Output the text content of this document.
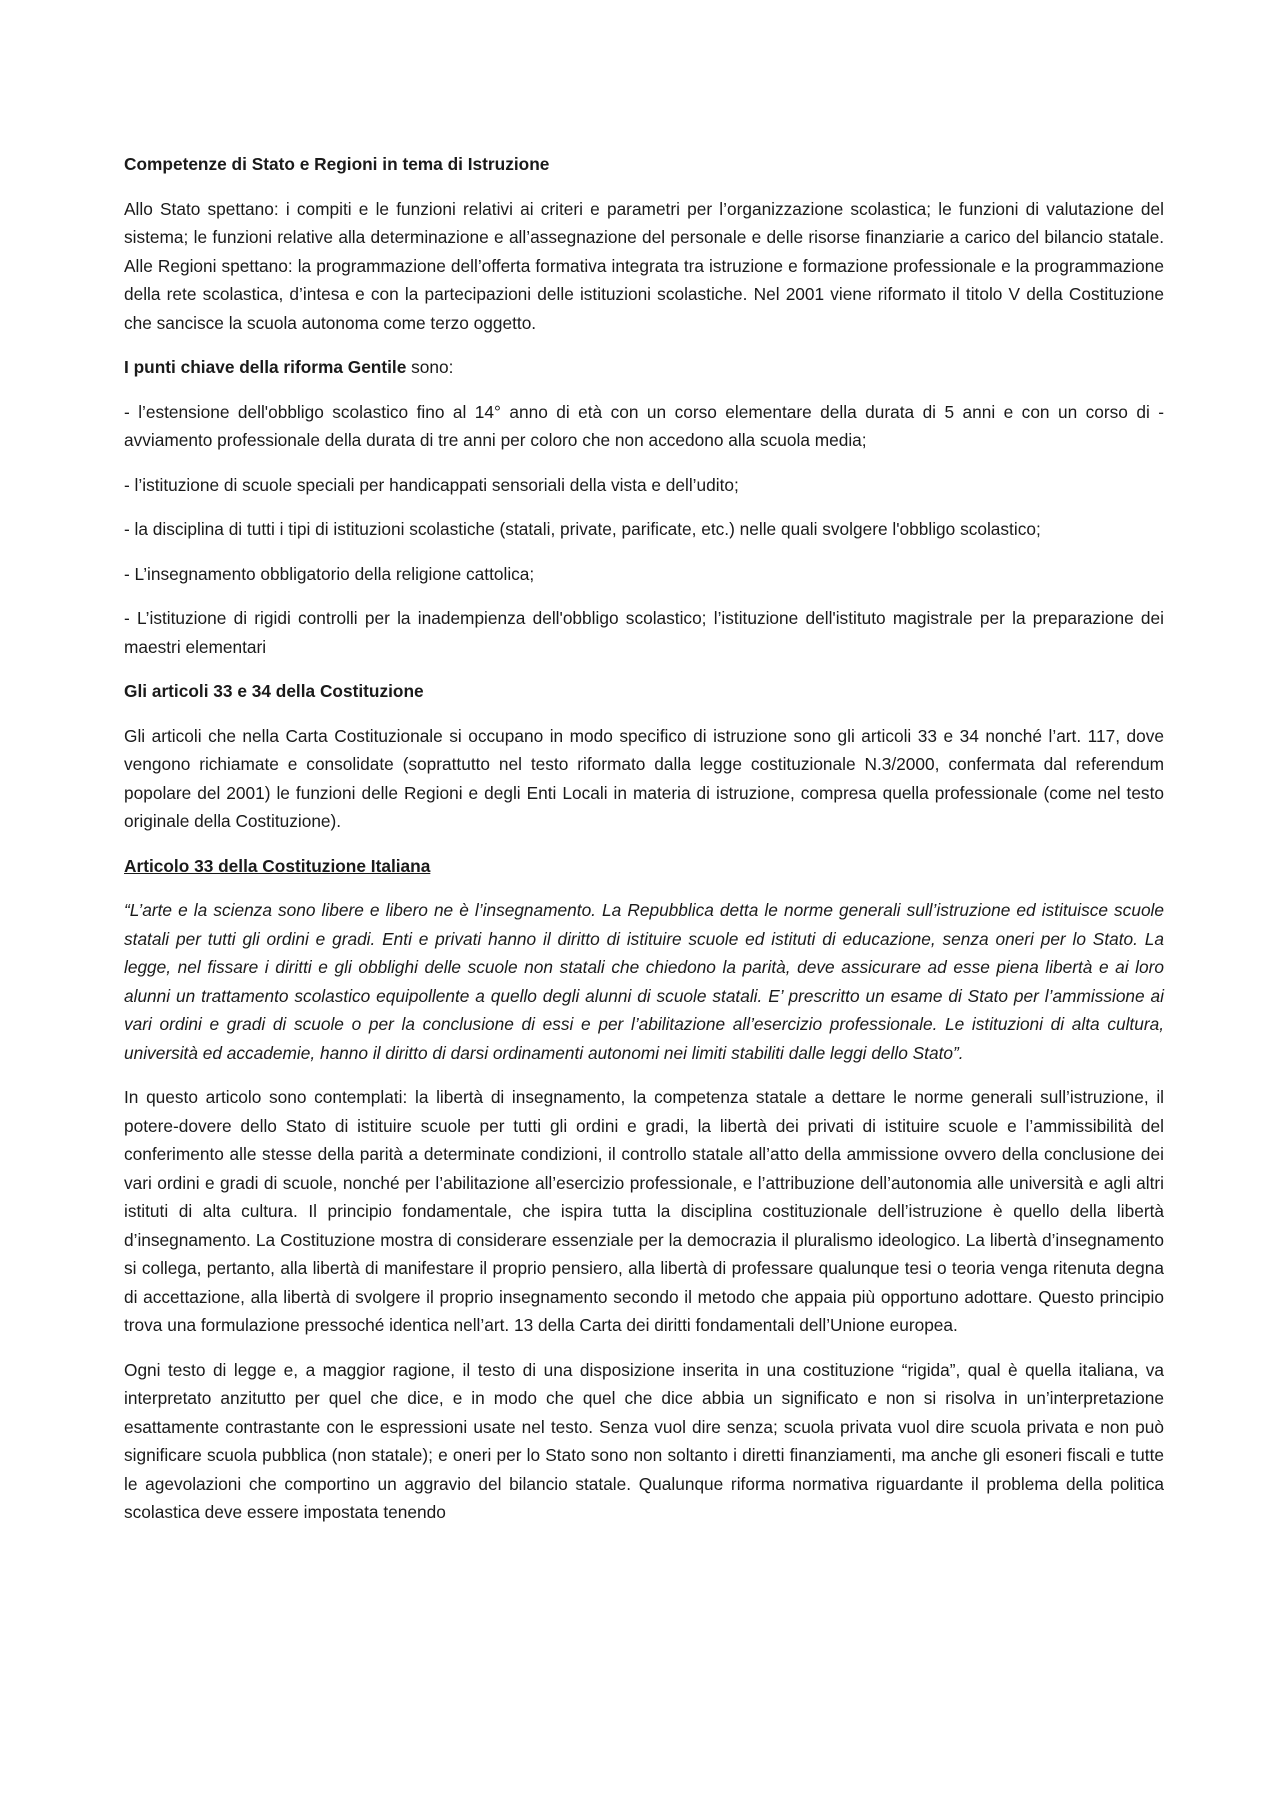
Competenze di Stato e Regioni in tema di Istruzione

Allo Stato spettano: i compiti e le funzioni relativi ai criteri e parametri per l’organizzazione scolastica; le funzioni di valutazione del sistema; le funzioni relative alla determinazione e all’assegnazione del personale e delle risorse finanziarie a carico del bilancio statale. Alle Regioni spettano: la programmazione dell’offerta formativa integrata tra istruzione e formazione professionale e la programmazione della rete scolastica, d’intesa e con la partecipazioni delle istituzioni scolastiche. Nel 2001 viene riformato il titolo V della Costituzione che sancisce la scuola autonoma come terzo oggetto.

I punti chiave della riforma Gentile sono:

- l’estensione dell'obbligo scolastico fino al 14° anno di età con un corso elementare della durata di 5 anni e con un corso di - avviamento professionale della durata di tre anni per coloro che non accedono alla scuola media;

- l’istituzione di scuole speciali per handicappati sensoriali della vista e dell’udito;

- la disciplina di tutti i tipi di istituzioni scolastiche (statali, private, parificate, etc.) nelle quali svolgere l'obbligo scolastico;

- L’insegnamento obbligatorio della religione cattolica;

- L’istituzione di rigidi controlli per la inadempienza dell'obbligo scolastico; l’istituzione dell'istituto magistrale per la preparazione dei maestri elementari

Gli articoli 33 e 34 della Costituzione

Gli articoli che nella Carta Costituzionale si occupano in modo specifico di istruzione sono gli articoli 33 e 34 nonché l’art. 117, dove vengono richiamate e consolidate (soprattutto nel testo riformato dalla legge costituzionale N.3/2000, confermata dal referendum popolare del 2001) le funzioni delle Regioni e degli Enti Locali in materia di istruzione, compresa quella professionale (come nel testo originale della Costituzione).

Articolo 33 della Costituzione Italiana

“L’arte e la scienza sono libere e libero ne è l’insegnamento. La Repubblica detta le norme generali sull’istruzione ed istituisce scuole statali per tutti gli ordini e gradi. Enti e privati hanno il diritto di istituire scuole ed istituti di educazione, senza oneri per lo Stato. La legge, nel fissare i diritti e gli obblighi delle scuole non statali che chiedono la parità, deve assicurare ad esse piena libertà e ai loro alunni un trattamento scolastico equipollente a quello degli alunni di scuole statali. E’ prescritto un esame di Stato per l’ammissione ai vari ordini e gradi di scuole o per la conclusione di essi e per l’abilitazione all’esercizio professionale. Le istituzioni di alta cultura, università ed accademie, hanno il diritto di darsi ordinamenti autonomi nei limiti stabiliti dalle leggi dello Stato”.

In questo articolo sono contemplati: la libertà di insegnamento, la competenza statale a dettare le norme generali sull’istruzione, il potere-dovere dello Stato di istituire scuole per tutti gli ordini e gradi, la libertà dei privati di istituire scuole e l’ammissibilità del conferimento alle stesse della parità a determinate condizioni, il controllo statale all’atto della ammissione ovvero della conclusione dei vari ordini e gradi di scuole, nonché per l’abilitazione all’esercizio professionale, e l’attribuzione dell’autonomia alle università e agli altri istituti di alta cultura. Il principio fondamentale, che ispira tutta la disciplina costituzionale dell’istruzione è quello della libertà d’insegnamento. La Costituzione mostra di considerare essenziale per la democrazia il pluralismo ideologico. La libertà d’insegnamento si collega, pertanto, alla libertà di manifestare il proprio pensiero, alla libertà di professare qualunque tesi o teoria venga ritenuta degna di accettazione, alla libertà di svolgere il proprio insegnamento secondo il metodo che appaia più opportuno adottare. Questo principio trova una formulazione pressoché identica nell’art. 13 della Carta dei diritti fondamentali dell’Unione europea.

Ogni testo di legge e, a maggior ragione, il testo di una disposizione inserita in una costituzione “rigida”, qual è quella italiana, va interpretato anzitutto per quel che dice, e in modo che quel che dice abbia un significato e non si risolva in un’interpretazione esattamente contrastante con le espressioni usate nel testo. Senza vuol dire senza; scuola privata vuol dire scuola privata e non può significare scuola pubblica (non statale); e oneri per lo Stato sono non soltanto i diretti finanziamenti, ma anche gli esoneri fiscali e tutte le agevolazioni che comportino un aggravio del bilancio statale. Qualunque riforma normativa riguardante il problema della politica scolastica deve essere impostata tenendo
